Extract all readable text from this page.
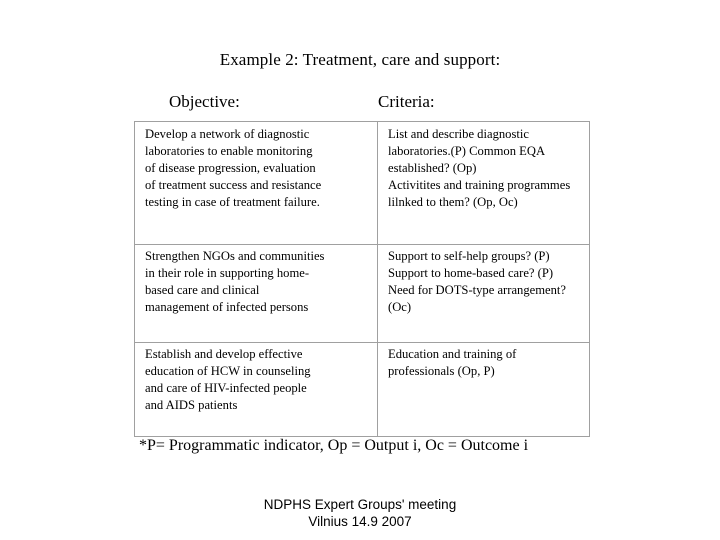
Example 2: Treatment, care and support:
Objective:	Criteria:
Develop a network of diagnostic
laboratories to enable monitoring
of disease progression, evaluation
of treatment success and resistance
testing in case of treatment failure.	List and describe diagnostic
laboratories.(P) Common EQA
established? (Op)
Activitites and training programmes
lilnked to them? (Op, Oc)

Strengthen NGOs and communities
in their role in supporting home-
based care and clinical
management of infected persons	Support to self-help groups? (P)
Support to home-based care? (P)
Need for DOTS-type arrangement?
(Oc)

Establish and develop effective
education of HCW in counseling
and care of HIV-infected people
and AIDS patients	Education and training of
professionals (Op, P)
*P= Programmatic indicator, Op = Output i, Oc = Outcome i
NDPHS Expert Groups' meeting
Vilnius 14.9 2007
